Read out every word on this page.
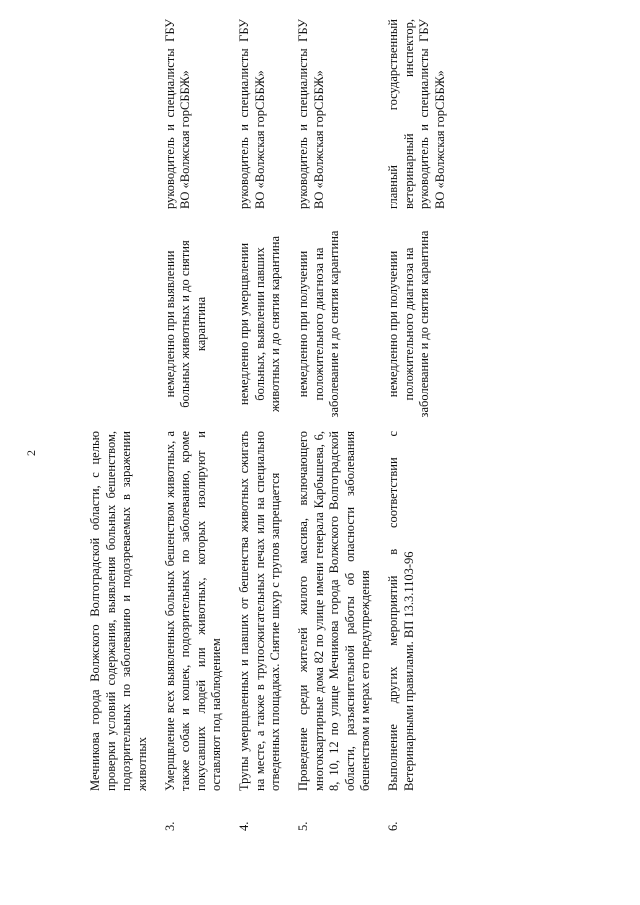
2
		Мечникова города Волжского Волгоградской области, с целью проверки условий содержания, выявления больных бешенством, подозрительных по заболеванию и подозреваемых в заражении животных		
3.	Умерщвление всех выявленных больных бешенством животных, а также собак и кошек, подозрительных по заболеванию, кроме покусавших людей или животных, которых изолируют и оставляют под наблюдением	немедленно при выявлении больных животных и до снятия карантина	руководитель и специалисты ГБУ ВО «Волжская горСББЖ»
4.	Трупы умерщвленных и павших от бешенства животных сжигать на месте, а также в трупосжигательных печах или на специально отведенных площадках. Снятие шкур с трупов запрещается	немедленно при умерщвлении больных, выявлении павших животных и до снятия карантина	руководитель и специалисты ГБУ ВО «Волжская горСББЖ»
5.	Проведение среди жителей жилого массива, включающего многоквартирные дома 82 по улице имени генерала Карбышева, 6, 8, 10, 12 по улице Мечникова города Волжского Волгоградской области, разъяснительной работы об опасности заболевания бешенством и мерах его предупреждения	немедленно при получении положительного диагноза на заболевание и до снятия карантина	руководитель и специалисты ГБУ ВО «Волжская горСББЖ»
6.	Выполнение других мероприятий в соответствии с Ветеринарными правилами. ВП 13.3.1103-96	немедленно при получении положительного диагноза на заболевание и до снятия карантина	главный государственный ветеринарный инспектор, руководитель и специалисты ГБУ ВО «Волжская горСББЖ»
